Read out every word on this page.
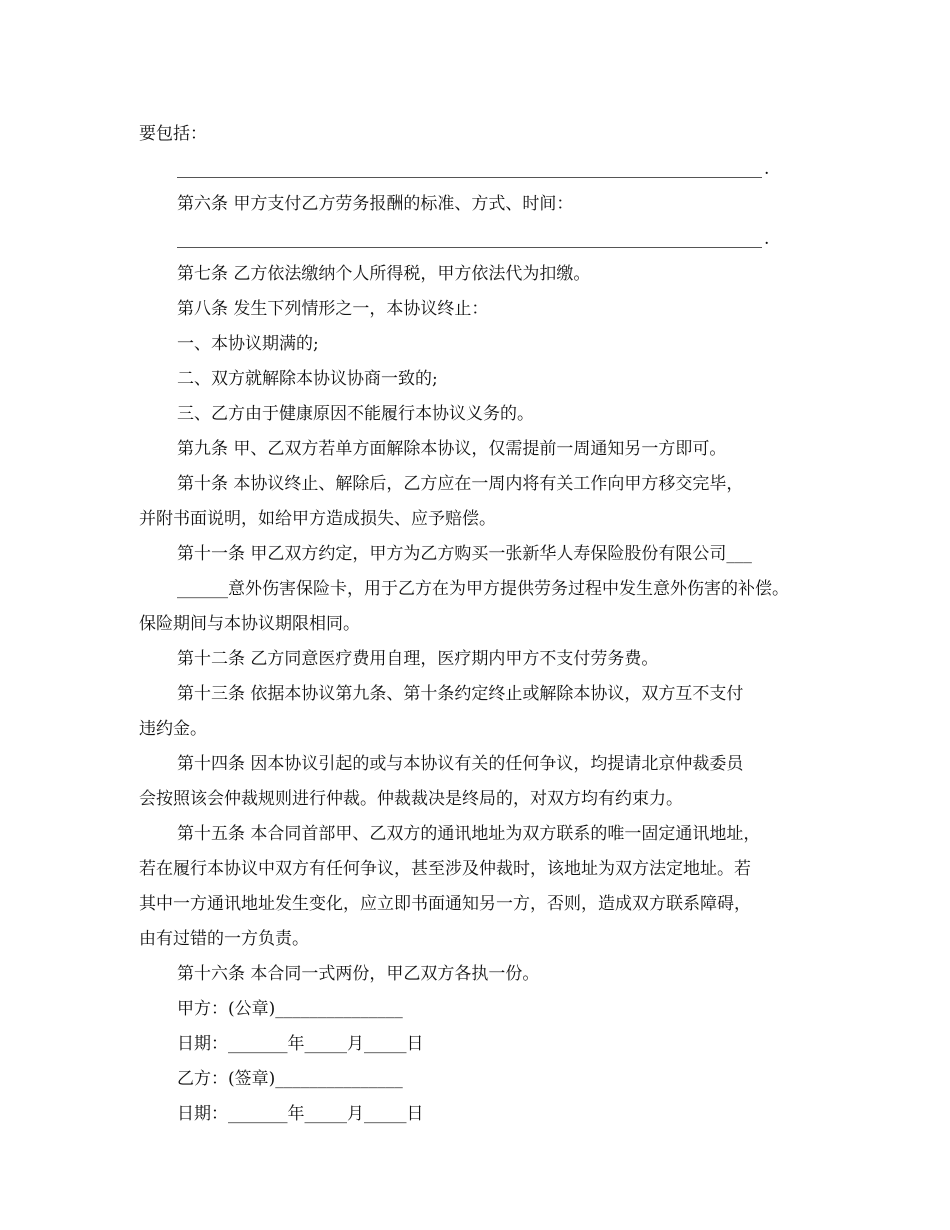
要包括：

.

第六条 甲方支付乙方劳务报酬的标准、方式、时间：

.

第七条 乙方依法缴纳个人所得税，甲方依法代为扣缴。

第八条 发生下列情形之一，本协议终止：

一、本协议期满的;

二、双方就解除本协议协商一致的;

三、乙方由于健康原因不能履行本协议义务的。

第九条 甲、乙双方若单方面解除本协议，仅需提前一周通知另一方即可。

第十条 本协议终止、解除后，乙方应在一周内将有关工作向甲方移交完毕，

并附书面说明，如给甲方造成损失、应予赔偿。

第十一条 甲乙双方约定，甲方为乙方购买一张新华人寿保险股份有限公司___

______意外伤害保险卡，用于乙方在为甲方提供劳务过程中发生意外伤害的补偿。

保险期间与本协议期限相同。

第十二条 乙方同意医疗费用自理，医疗期内甲方不支付劳务费。

第十三条 依据本协议第九条、第十条约定终止或解除本协议，双方互不支付

违约金。

第十四条 因本协议引起的或与本协议有关的任何争议，均提请北京仲裁委员

会按照该会仲裁规则进行仲裁。仲裁裁决是终局的，对双方均有约束力。

第十五条 本合同首部甲、乙双方的通讯地址为双方联系的唯一固定通讯地址，

若在履行本协议中双方有任何争议，甚至涉及仲裁时，该地址为双方法定地址。若

其中一方通讯地址发生变化，应立即书面通知另一方，否则，造成双方联系障碍，

由有过错的一方负责。

第十六条 本合同一式两份，甲乙双方各执一份。

甲方：(公章)_______________

日期：_______年_____月_____日

乙方：(签章)_______________

日期：_______年_____月_____日
